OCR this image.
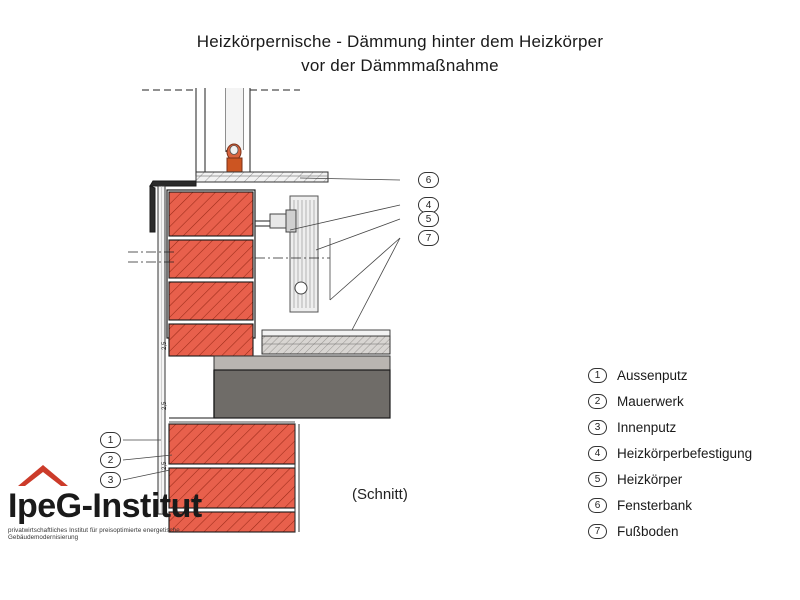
Heizkörpernische - Dämmung hinter dem Heizkörper
vor der Dämmmaßnahme
2,5
2,5
2,5
6
4
5
7
1
2
3
(Schnitt)
1	Aussenputz
2	Mauerwerk
3	Innenputz
4	Heizkörperbefestigung
5	Heizkörper
6	Fensterbank
7	Fußboden
IpeG-Institut
privatwirtschaftliches Institut für preisoptimierte energetische Gebäudemodernisierung
